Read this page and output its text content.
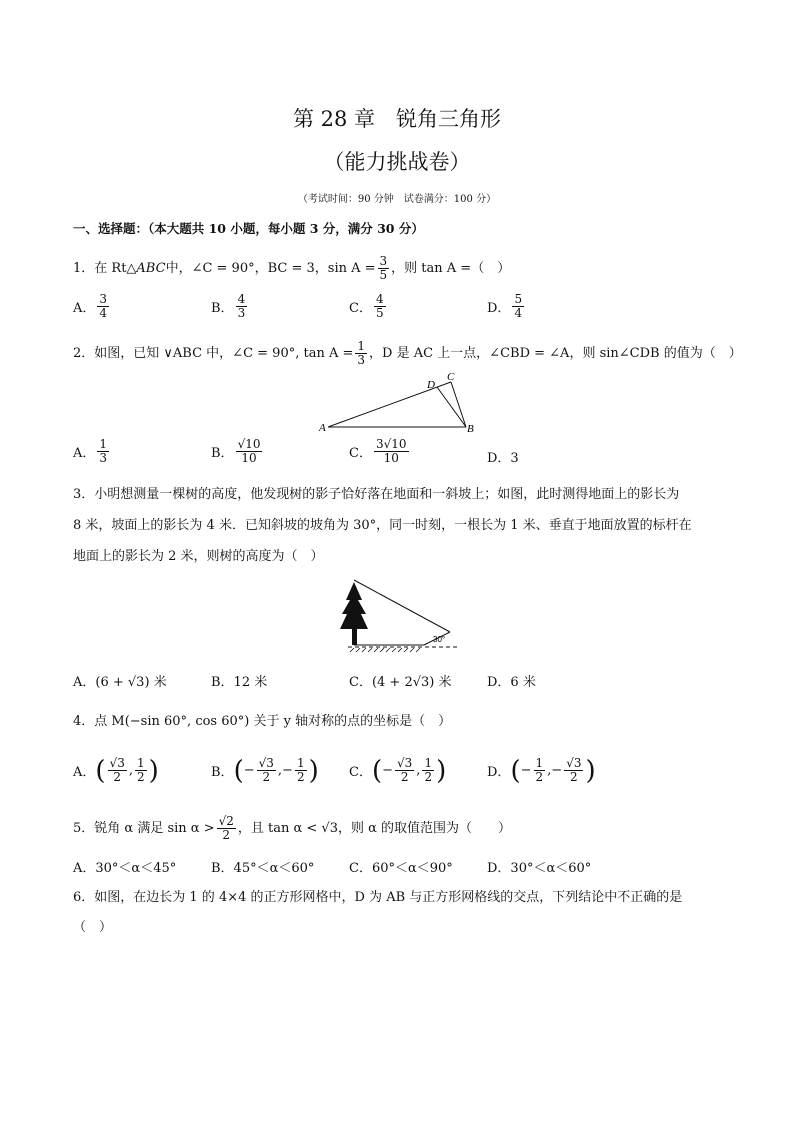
第 28 章　锐角三角形
（能力挑战卷）
（考试时间：90 分钟　试卷满分：100 分）
一、选择题：（本大题共 10 小题，每小题 3 分，满分 30 分）
1．在 Rt△ ABC 中，∠C = 90°，BC = 3，$\sin A = \frac{3}{5}$ ，则 tan A =（　）
A． $\frac{3}{4}$	B． $\frac{4}{3}$	C． $\frac{4}{5}$	D． $\frac{5}{4}$
2．如图，已知 ∨ABC 中，∠C = 90°, $\tan A = \frac{1}{3}$ ，D 是 AC 上一点，∠CBD = ∠A，则 sin∠CDB 的值为（　）
A	B
C
D
A． $\frac{1}{3}$	B． $\frac{√10}{10}$	C． $\frac{3√10}{10}$	D．3
3．小明想测量一棵树的高度，他发现树的影子恰好落在地面和一斜坡上；如图，此时测得地面上的影长为
8 米，坡面上的影长为 4 米．已知斜坡的坡角为 30°，同一时刻，一根长为 1 米、垂直于地面放置的标杆在
地面上的影长为 2 米，则树的高度为（　）
30°
A．(6 + √3) 米	B．12 米	C．(4 + 2√3) 米	D．6 米
4．点 M(−sin 60°, cos 60°) 关于 y 轴对称的点的坐标是（　）
A． ( $\frac{√3}{2}$ , $\frac{1}{2}$ )	B． ( − $\frac{√3}{2}$ , − $\frac{1}{2}$ ) C． ( − $\frac{√3}{2}$ , $\frac{1}{2}$ )	D． ( − $\frac{1}{2}$ , − $\frac{√3}{2}$ )
5．锐角 α 满足 $\sin \alpha > \frac{√2}{2}$ ，且 tan α < √3，则 α 的取值范围为（　　）
A．30°＜α＜45°	B．45°＜α＜60°	C．60°＜α＜90°	D．30°＜α＜60°
6．如图，在边长为 1 的 4×4 的正方形网格中，D 为 AB 与正方形网格线的交点，下列结论中不正确的是
（　）
